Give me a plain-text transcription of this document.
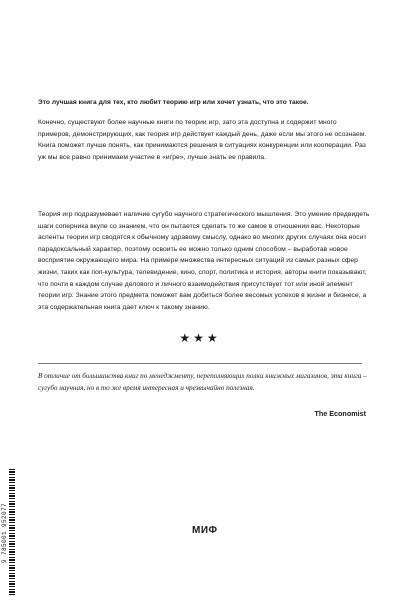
Это лучшая книга для тех, кто любит теорию игр или хочет узнать, что это такое.

Конечно, существуют более научные книги по теории игр, зато эта доступна и содержит много примеров, демонстрирующих, как теория игр действует каждый день, даже если мы этого не осознаем. Книга поможет лучше понять, как принимаются решения в ситуациях конкуренции или кооперации. Раз уж мы все равно принимаем участие в «игре», лучше знать ее правила.

Теория игр подразумевает наличие сугубо научного стратегического мышления. Это умение предвидеть шаги соперника вкупе со знанием, что он пытается сделать то же самое в отношении вас. Некоторые аспенты теории игр сводятся к обычному здравому смыслу, однако во многих других случаях она носит парадоксальный характер, поэтому освоить ее можно только одним способом – выработав новое восприятие окружающего мира. На примере множества интересных ситуаций из самых разных сфер жизни, таких как поп-культура, телевидение, кино, спорт, политика и история, авторы книги показывают, что почти в каждом случае делового и личного взаимодействия присутствует тот или иной элемент теории игр. Знание этого предмета поможет вам добиться более весомых успехов в жизни и бизнесе, а эта содержательная книга дает ключ к такому знанию.

★★★

В отличие от большинства книг по менеджменту, переполняющих полки книжных магазинов, эта книга – сугубо научная, но в то же время интересная и чрезвычайно полезная.

The Economist
9 785001 952077	МИФ
